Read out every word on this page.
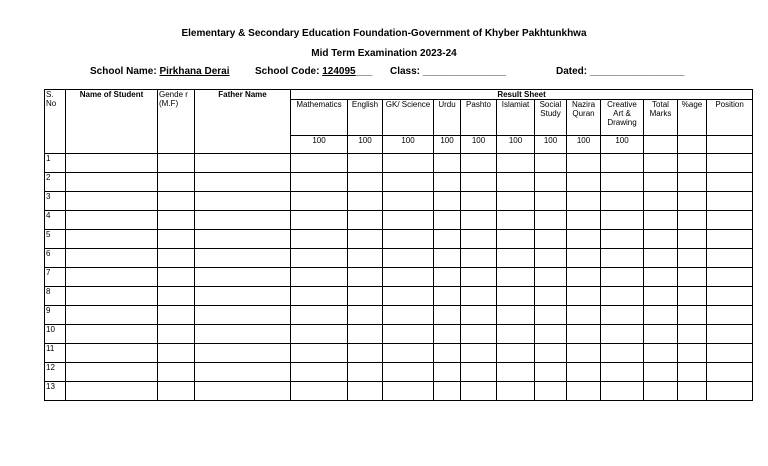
Elementary & Secondary Education Foundation-Government of Khyber Pakhtunkhwa
Mid Term Examination 2023-24
School Name: Pirkhana Derai	School Code: 124095___ Class: _______________	Dated: _________________
S. No	Name of Student	Gende r (M.F)	Father Name	Result Sheet											
				Mathematics	English	GK/ Science	Urdu	Pashto	Islamiat	Social Study	Nazira Quran	Creative Art & Drawing	Total Marks	%age	Position
				100	100	100	100	100	100	100	100	100			
1															
2															
3															
4															
5															
6															
7															
8															
9															
10															
11															
12															
13															
